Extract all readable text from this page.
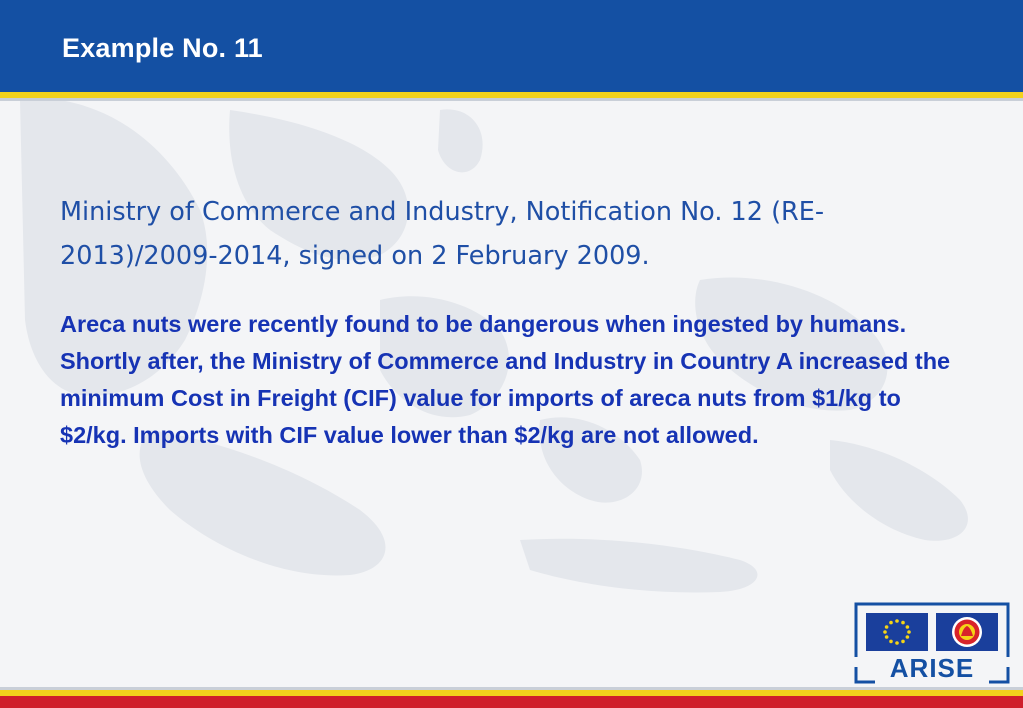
Example No. 11

Ministry of Commerce and Industry, Notification No. 12 (RE-2013)/2009-2014, signed on 2 February 2009.

Areca nuts were recently found to be dangerous when ingested by humans. Shortly after, the Ministry of Commerce and Industry in Country A increased the minimum Cost in Freight (CIF) value for imports of areca nuts from $1/kg to $2/kg. Imports with CIF value lower than $2/kg are not allowed.

ARISE
